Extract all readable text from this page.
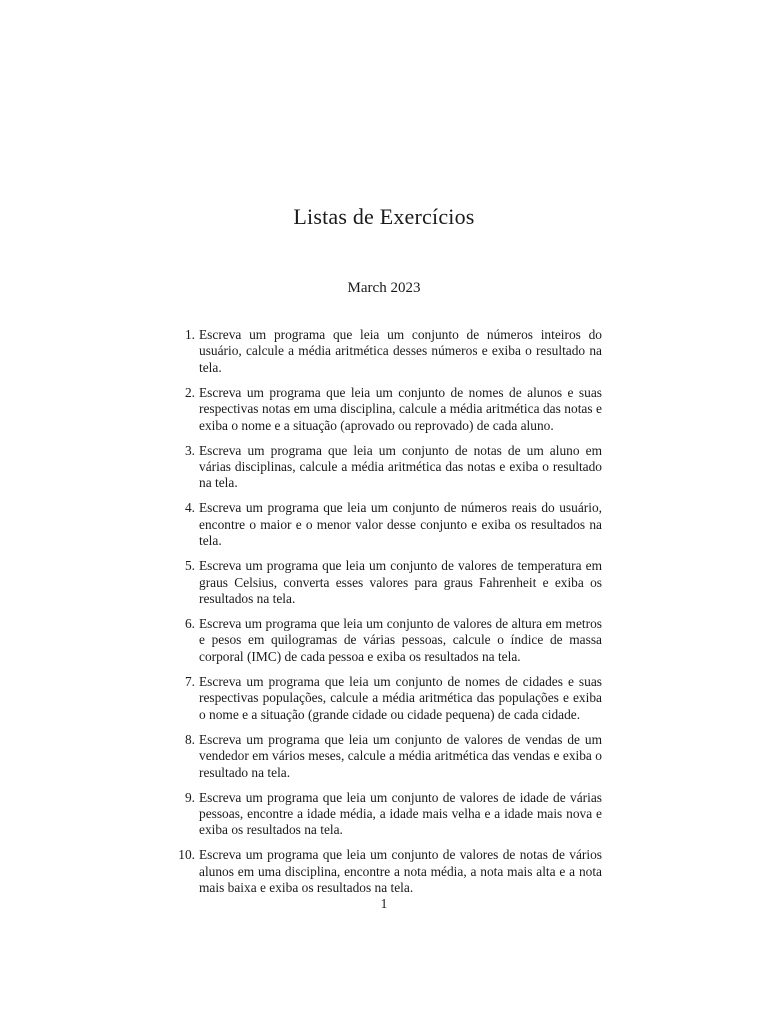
Listas de Exercícios
March 2023
1. Escreva um programa que leia um conjunto de números inteiros do usuário, calcule a média aritmética desses números e exiba o resultado na tela.
2. Escreva um programa que leia um conjunto de nomes de alunos e suas respectivas notas em uma disciplina, calcule a média aritmética das notas e exiba o nome e a situação (aprovado ou reprovado) de cada aluno.
3. Escreva um programa que leia um conjunto de notas de um aluno em várias disciplinas, calcule a média aritmética das notas e exiba o resultado na tela.
4. Escreva um programa que leia um conjunto de números reais do usuário, encontre o maior e o menor valor desse conjunto e exiba os resultados na tela.
5. Escreva um programa que leia um conjunto de valores de temperatura em graus Celsius, converta esses valores para graus Fahrenheit e exiba os resultados na tela.
6. Escreva um programa que leia um conjunto de valores de altura em metros e pesos em quilogramas de várias pessoas, calcule o índice de massa corporal (IMC) de cada pessoa e exiba os resultados na tela.
7. Escreva um programa que leia um conjunto de nomes de cidades e suas respectivas populações, calcule a média aritmética das populações e exiba o nome e a situação (grande cidade ou cidade pequena) de cada cidade.
8. Escreva um programa que leia um conjunto de valores de vendas de um vendedor em vários meses, calcule a média aritmética das vendas e exiba o resultado na tela.
9. Escreva um programa que leia um conjunto de valores de idade de várias pessoas, encontre a idade média, a idade mais velha e a idade mais nova e exiba os resultados na tela.
10. Escreva um programa que leia um conjunto de valores de notas de vários alunos em uma disciplina, encontre a nota média, a nota mais alta e a nota mais baixa e exiba os resultados na tela.
1
